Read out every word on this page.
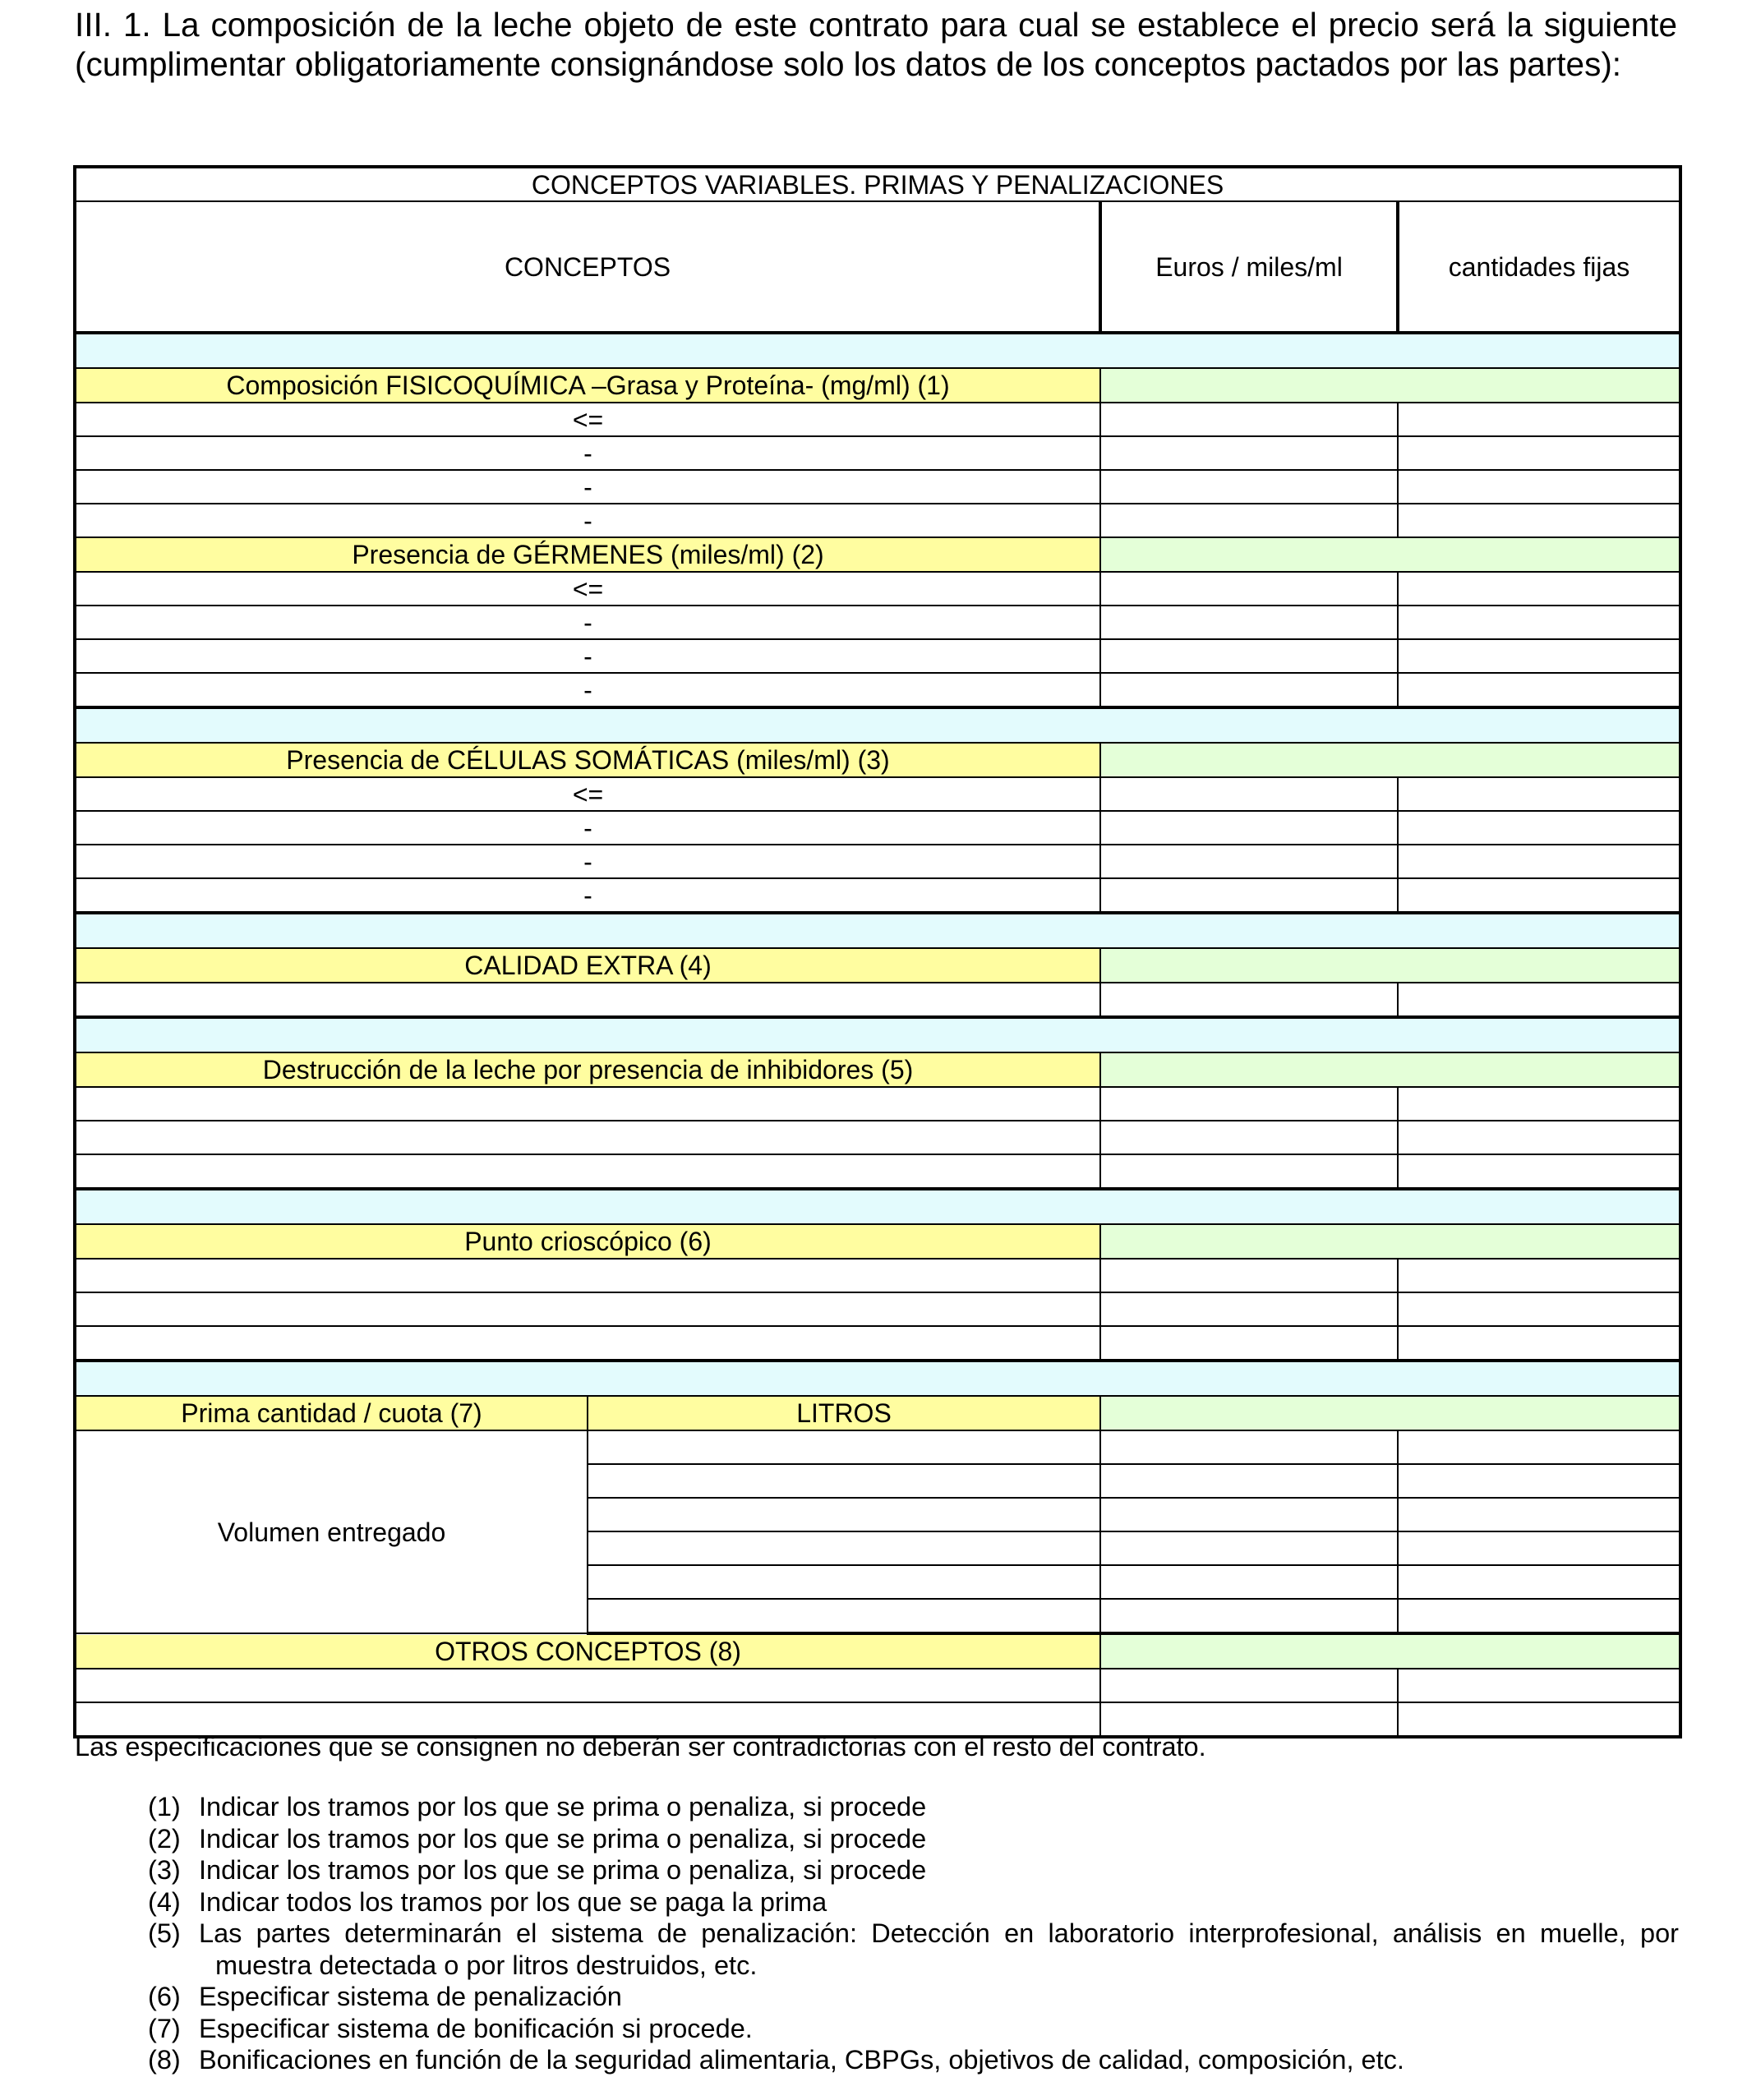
III. 1. La composición de la leche objeto de este contrato para cual se establece el precio será la siguiente (cumplimentar obligatoriamente consignándose solo los datos de los conceptos pactados por las partes):

CONCEPTOS VARIABLES. PRIMAS Y PENALIZACIONES			
CONCEPTOS		Euros / miles/ml	cantidades fijas

Composición FISICOQUÍMICA –Grasa y Proteína- (mg/ml) (1)			
<=			
-			
-			
-			
Presencia de GÉRMENES (miles/ml) (2)			
<=			
-			
-			
-			

Presencia de CÉLULAS SOMÁTICAS (miles/ml) (3)			
<=			
-			
-			
-			

CALIDAD EXTRA (4)			

Destrucción de la leche por presencia de inhibidores (5)			

Punto crioscópico (6)			

Prima cantidad / cuota (7)	LITROS		
Volumen entregado			

OTROS CONCEPTOS (8)			

Las especificaciones que se consignen no deberán ser contradictorias con el resto del contrato.

(1) Indicar los tramos por los que se prima o penaliza, si procede
(2) Indicar los tramos por los que se prima o penaliza, si procede
(3) Indicar los tramos por los que se prima o penaliza, si procede
(4) Indicar todos los tramos por los que se paga la prima
(5) Las partes determinarán el sistema de penalización: Detección en laboratorio interprofesional, análisis en muelle, por
muestra detectada o por litros destruidos, etc.
(6) Especificar sistema de penalización
(7) Especificar sistema de bonificación si procede.
(8) Bonificaciones en función de la seguridad alimentaria, CBPGs, objetivos de calidad, composición, etc.
